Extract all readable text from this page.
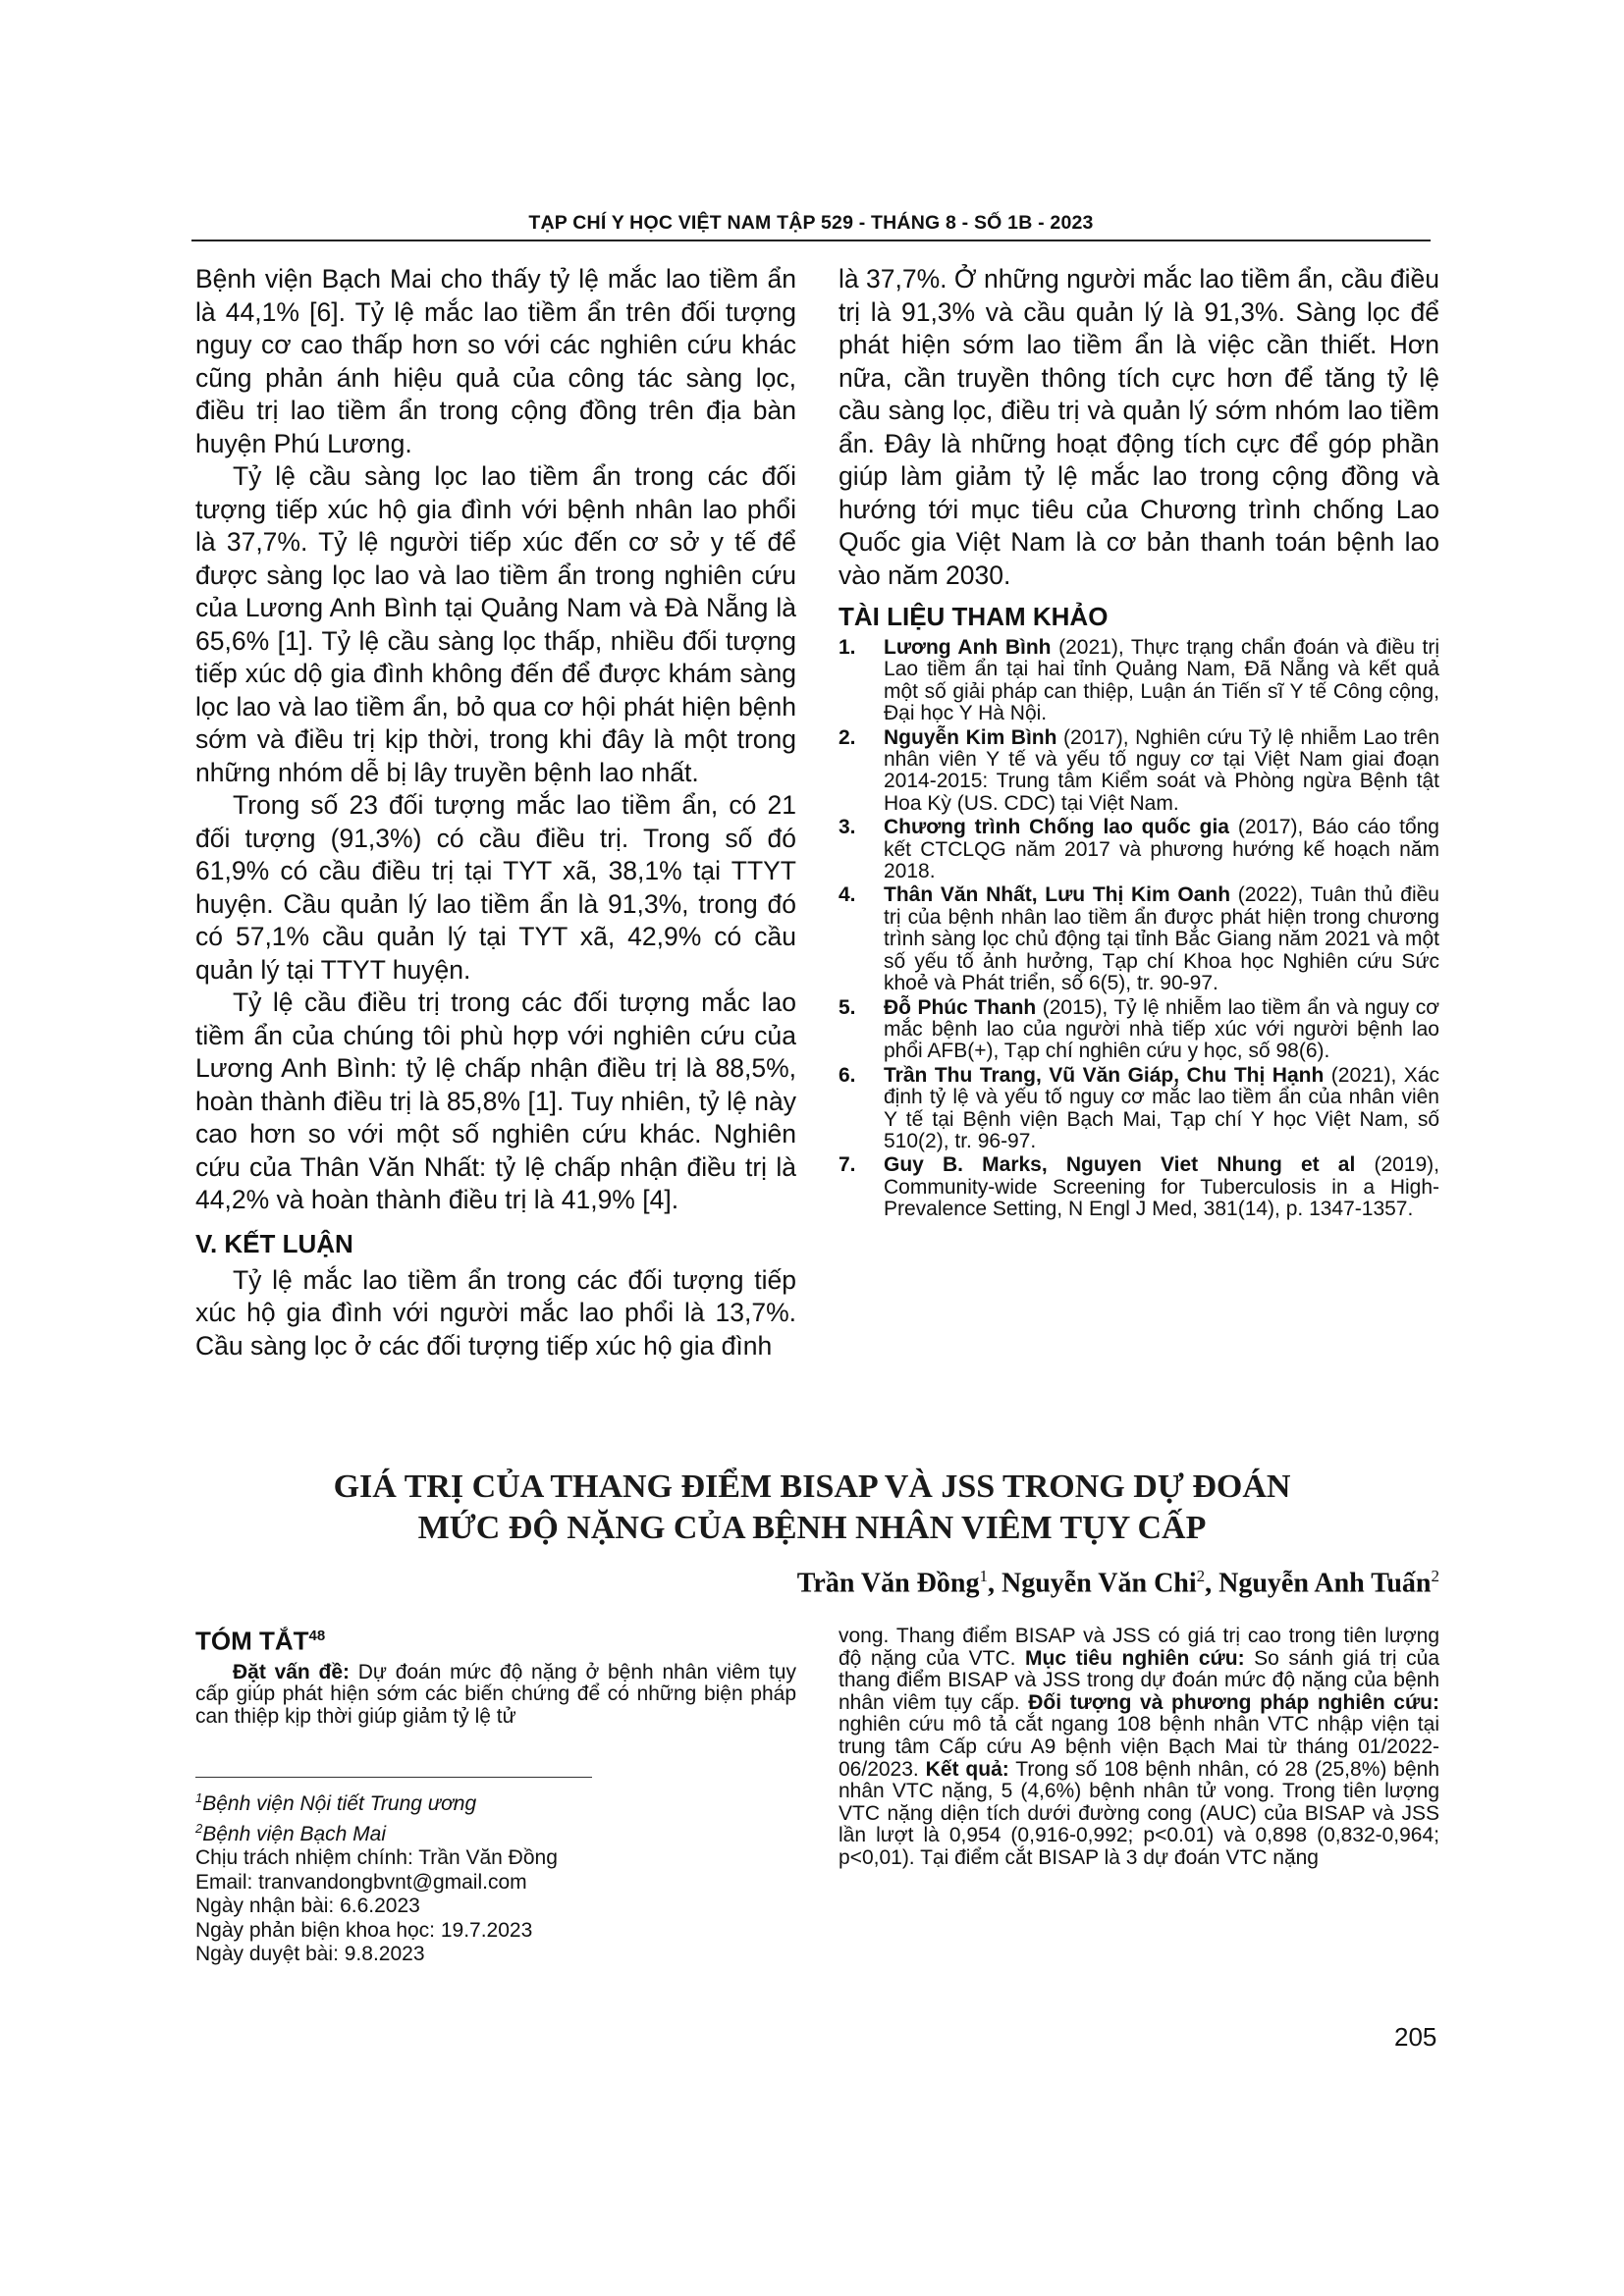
TẠP CHÍ Y HỌC VIỆT NAM TẬP 529 - THÁNG 8 - SỐ 1B - 2023

Bệnh viện Bạch Mai cho thấy tỷ lệ mắc lao tiềm ẩn là 44,1% [6]. Tỷ lệ mắc lao tiềm ẩn trên đối tượng nguy cơ cao thấp hơn so với các nghiên cứu khác cũng phản ánh hiệu quả của công tác sàng lọc, điều trị lao tiềm ẩn trong cộng đồng trên địa bàn huyện Phú Lương.

Tỷ lệ cầu sàng lọc lao tiềm ẩn trong các đối tượng tiếp xúc hộ gia đình với bệnh nhân lao phổi là 37,7%. Tỷ lệ người tiếp xúc đến cơ sở y tế để được sàng lọc lao và lao tiềm ẩn trong nghiên cứu của Lương Anh Bình tại Quảng Nam và Đà Nẵng là 65,6% [1]. Tỷ lệ cầu sàng lọc thấp, nhiều đối tượng tiếp xúc dộ gia đình không đến để được khám sàng lọc lao và lao tiềm ẩn, bỏ qua cơ hội phát hiện bệnh sớm và điều trị kịp thời, trong khi đây là một trong những nhóm dễ bị lây truyền bệnh lao nhất.

Trong số 23 đối tượng mắc lao tiềm ẩn, có 21 đối tượng (91,3%) có cầu điều trị. Trong số đó 61,9% có cầu điều trị tại TYT xã, 38,1% tại TTYT huyện. Cầu quản lý lao tiềm ẩn là 91,3%, trong đó có 57,1% cầu quản lý tại TYT xã, 42,9% có cầu quản lý tại TTYT huyện.

Tỷ lệ cầu điều trị trong các đối tượng mắc lao tiềm ẩn của chúng tôi phù hợp với nghiên cứu của Lương Anh Bình: tỷ lệ chấp nhận điều trị là 88,5%, hoàn thành điều trị là 85,8% [1]. Tuy nhiên, tỷ lệ này cao hơn so với một số nghiên cứu khác. Nghiên cứu của Thân Văn Nhất: tỷ lệ chấp nhận điều trị là 44,2% và hoàn thành điều trị là 41,9% [4].

V. KẾT LUẬN

Tỷ lệ mắc lao tiềm ẩn trong các đối tượng tiếp xúc hộ gia đình với người mắc lao phổi là 13,7%. Cầu sàng lọc ở các đối tượng tiếp xúc hộ gia đình

là 37,7%. Ở những người mắc lao tiềm ẩn, cầu điều trị là 91,3% và cầu quản lý là 91,3%. Sàng lọc để phát hiện sớm lao tiềm ẩn là việc cần thiết. Hơn nữa, cần truyền thông tích cực hơn để tăng tỷ lệ cầu sàng lọc, điều trị và quản lý sớm nhóm lao tiềm ẩn. Đây là những hoạt động tích cực để góp phần giúp làm giảm tỷ lệ mắc lao trong cộng đồng và hướng tới mục tiêu của Chương trình chống Lao Quốc gia Việt Nam là cơ bản thanh toán bệnh lao vào năm 2030.

TÀI LIỆU THAM KHẢO
1. Lương Anh Bình (2021), Thực trạng chẩn đoán và điều trị Lao tiềm ẩn tại hai tỉnh Quảng Nam, Đã Nẵng và kết quả một số giải pháp can thiệp, Luận án Tiến sĩ Y tế Công cộng, Đại học Y Hà Nội.
2. Nguyễn Kim Bình (2017), Nghiên cứu Tỷ lệ nhiễm Lao trên nhân viên Y tế và yếu tố nguy cơ tại Việt Nam giai đoạn 2014-2015: Trung tâm Kiểm soát và Phòng ngừa Bệnh tật Hoa Kỳ (US. CDC) tại Việt Nam.
3. Chương trình Chống lao quốc gia (2017), Báo cáo tổng kết CTCLQG năm 2017 và phương hướng kế hoạch năm 2018.
4. Thân Văn Nhất, Lưu Thị Kim Oanh (2022), Tuân thủ điều trị của bệnh nhân lao tiềm ẩn được phát hiện trong chương trình sàng lọc chủ động tại tỉnh Bắc Giang năm 2021 và một số yếu tố ảnh hưởng, Tạp chí Khoa học Nghiên cứu Sức khoẻ và Phát triển, số 6(5), tr. 90-97.
5. Đỗ Phúc Thanh (2015), Tỷ lệ nhiễm lao tiềm ẩn và nguy cơ mắc bệnh lao của người nhà tiếp xúc với người bệnh lao phổi AFB(+), Tạp chí nghiên cứu y học, số 98(6).
6. Trần Thu Trang, Vũ Văn Giáp, Chu Thị Hạnh (2021), Xác định tỷ lệ và yếu tố nguy cơ mắc lao tiềm ẩn của nhân viên Y tế tại Bệnh viện Bạch Mai, Tạp chí Y học Việt Nam, số 510(2), tr. 96-97.
7. Guy B. Marks, Nguyen Viet Nhung et al (2019), Community-wide Screening for Tuberculosis in a High-Prevalence Setting, N Engl J Med, 381(14), p. 1347-1357.
GIÁ TRỊ CỦA THANG ĐIỂM BISAP VÀ JSS TRONG DỰ ĐOÁN
MỨC ĐỘ NẶNG CỦA BỆNH NHÂN VIÊM TỤY CẤP
Trần Văn Đồng$^1$, Nguyễn Văn Chi$^2$, Nguyễn Anh Tuấn$^2$
TÓM TẮT$^{48}$

Đặt vấn đề: Dự đoán mức độ nặng ở bệnh nhân viêm tụy cấp giúp phát hiện sớm các biến chứng để có những biện pháp can thiệp kịp thời giúp giảm tỷ lệ tử

$^1$Bệnh viện Nội tiết Trung ương
$^2$Bệnh viện Bạch Mai
Chịu trách nhiệm chính: Trần Văn Đồng
Email: tranvandongbvnt@gmail.com
Ngày nhận bài: 6.6.2023
Ngày phản biện khoa học: 19.7.2023
Ngày duyệt bài: 9.8.2023

vong. Thang điểm BISAP và JSS có giá trị cao trong tiên lượng độ nặng của VTC. Mục tiêu nghiên cứu: So sánh giá trị của thang điểm BISAP và JSS trong dự đoán mức độ nặng của bệnh nhân viêm tụy cấp. Đối tượng và phương pháp nghiên cứu: nghiên cứu mô tả cắt ngang 108 bệnh nhân VTC nhập viện tại trung tâm Cấp cứu A9 bệnh viện Bạch Mai từ tháng 01/2022-06/2023. Kết quả: Trong số 108 bệnh nhân, có 28 (25,8%) bệnh nhân VTC nặng, 5 (4,6%) bệnh nhân tử vong. Trong tiên lượng VTC nặng diện tích dưới đường cong (AUC) của BISAP và JSS lần lượt là 0,954 (0,916-0,992; p<0.01) và 0,898 (0,832-0,964; p<0,01). Tại điểm cắt BISAP là 3 dự đoán VTC nặng

205
